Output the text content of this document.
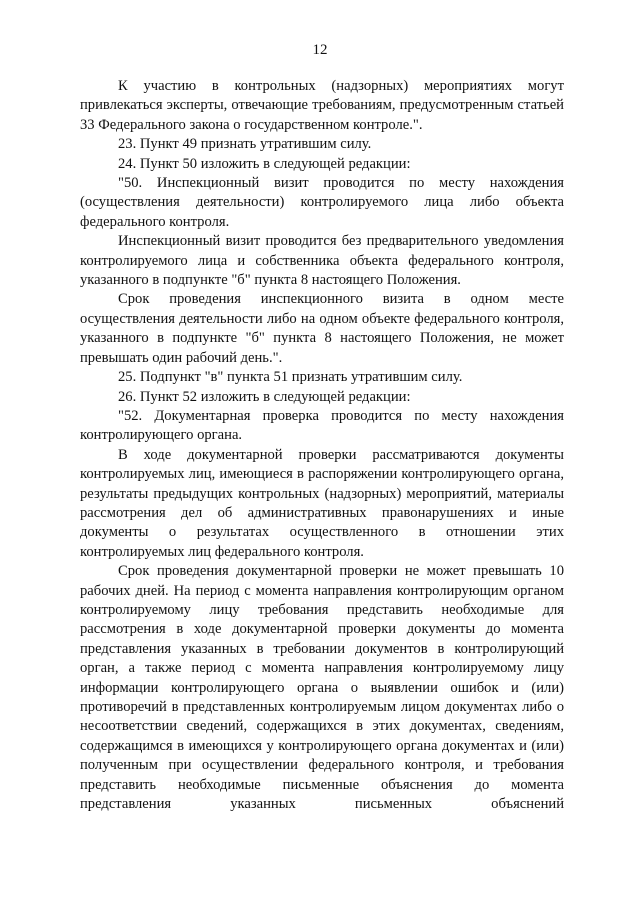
12

К участию в контрольных (надзорных) мероприятиях могут привлекаться эксперты, отвечающие требованиям, предусмотренным статьей 33 Федерального закона о государственном контроле.".

23. Пункт 49 признать утратившим силу.

24. Пункт 50 изложить в следующей редакции:

"50. Инспекционный визит проводится по месту нахождения (осуществления деятельности) контролируемого лица либо объекта федерального контроля.

Инспекционный визит проводится без предварительного уведомления контролируемого лица и собственника объекта федерального контроля, указанного в подпункте "б" пункта 8 настоящего Положения.

Срок проведения инспекционного визита в одном месте осуществления деятельности либо на одном объекте федерального контроля, указанного в подпункте "б" пункта 8 настоящего Положения, не может превышать один рабочий день.".

25. Подпункт "в" пункта 51 признать утратившим силу.

26. Пункт 52 изложить в следующей редакции:

"52. Документарная проверка проводится по месту нахождения контролирующего органа.

В ходе документарной проверки рассматриваются документы контролируемых лиц, имеющиеся в распоряжении контролирующего органа, результаты предыдущих контрольных (надзорных) мероприятий, материалы рассмотрения дел об административных правонарушениях и иные документы о результатах осуществленного в отношении этих контролируемых лиц федерального контроля.

Срок проведения документарной проверки не может превышать 10 рабочих дней. На период с момента направления контролирующим органом контролируемому лицу требования представить необходимые для рассмотрения в ходе документарной проверки документы до момента представления указанных в требовании документов в контролирующий орган, а также период с момента направления контролируемому лицу информации контролирующего органа о выявлении ошибок и (или) противоречий в представленных контролируемым лицом документах либо о несоответствии сведений, содержащихся в этих документах, сведениям, содержащимся в имеющихся у контролирующего органа документах и (или) полученным при осуществлении федерального контроля, и требования представить необходимые письменные объяснения до момента представления указанных письменных объяснений
